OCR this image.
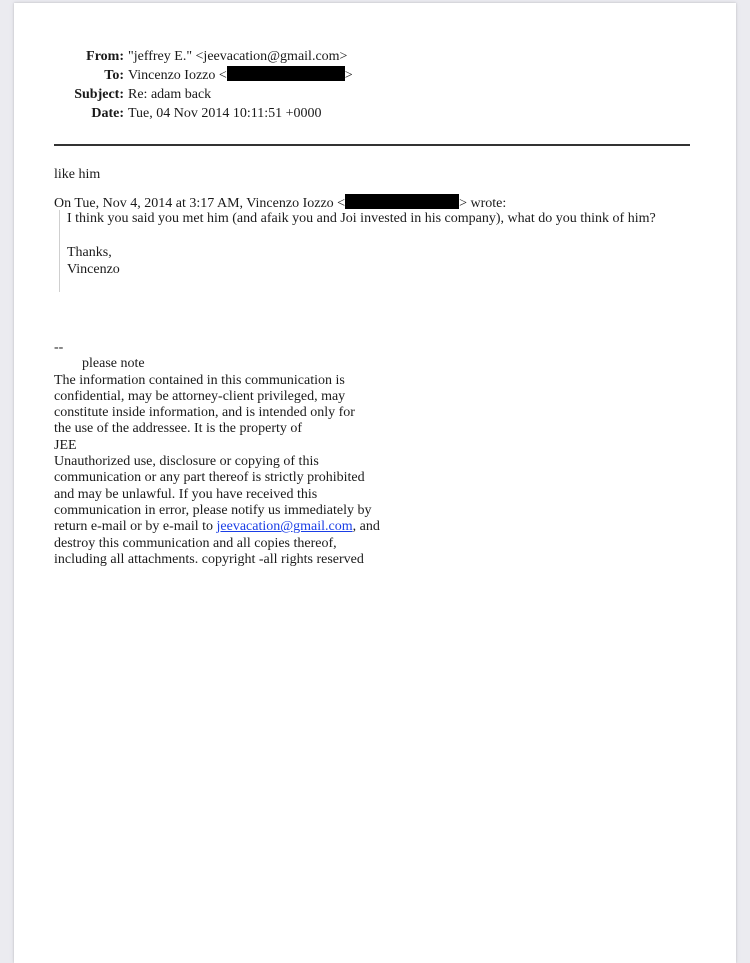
From: "jeffrey E." <jeevacation@gmail.com>
To: Vincenzo Iozzo <	>
Subject: Re: adam back
Date: Tue, 04 Nov 2014 10:11:51 +0000
like him
On Tue, Nov 4, 2014 at 3:17 AM, Vincenzo Iozzo <	> wrote:
I think you said you met him (and afaik you and Joi invested in his company), what do you think of him?
Thanks,
Vincenzo
--
please note
The information contained in this communication is
confidential, may be attorney-client privileged, may
constitute inside information, and is intended only for
the use of the addressee. It is the property of
JEE
Unauthorized use, disclosure or copying of this
communication or any part thereof is strictly prohibited
and may be unlawful. If you have received this
communication in error, please notify us immediately by
return e-mail or by e-mail to jeevacation@gmail.com, and
destroy this communication and all copies thereof,
including all attachments. copyright -all rights reserved
